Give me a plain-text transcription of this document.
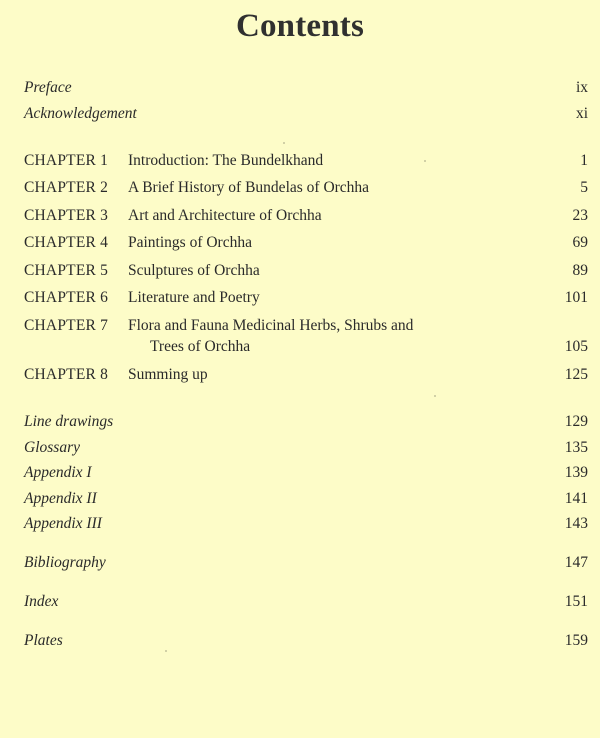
Contents
Preface	ix
Acknowledgement	xi
CHAPTER 1 Introduction: The Bundelkhand	1
CHAPTER 2 A Brief History of Bundelas of Orchha	5
CHAPTER 3 Art and Architecture of Orchha	23
CHAPTER 4 Paintings of Orchha	69
CHAPTER 5 Sculptures of Orchha	89
CHAPTER 6 Literature and Poetry	101
CHAPTER 7 Flora and Fauna Medicinal Herbs, Shrubs and
Trees of Orchha	105
CHAPTER 8 Summing up	125
Line drawings	129
Glossary	135
Appendix I	139
Appendix II	141
Appendix III	143
Bibliography	147
Index	151
Plates	159
